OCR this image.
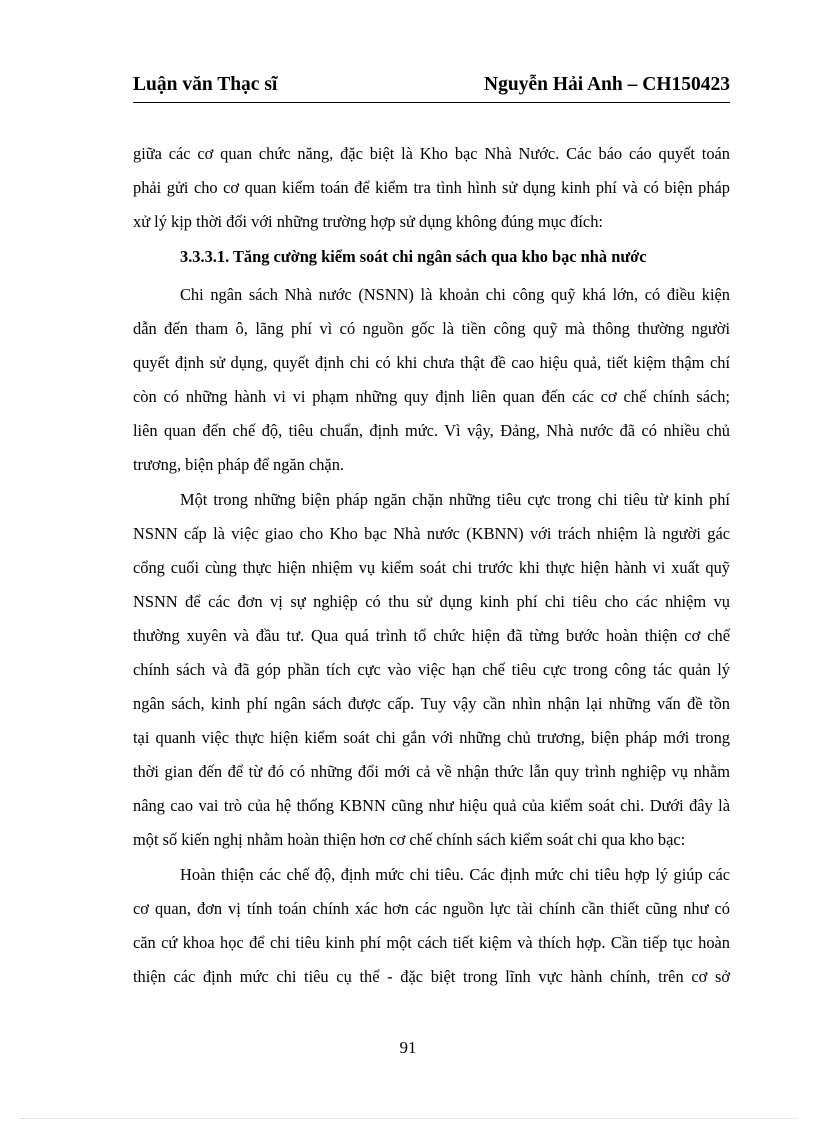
Luận văn Thạc sĩ	Nguyễn Hải Anh – CH150423
giữa các cơ quan chức năng, đặc biệt là Kho bạc Nhà Nước. Các báo cáo quyết toán
phải gửi cho cơ quan kiểm toán để kiểm tra tình hình sử dụng kinh phí và có biện pháp
xử lý kịp thời đối với những trường hợp sử dụng không đúng mục đích:
3.3.3.1. Tăng cường kiểm soát chi ngân sách qua kho bạc nhà nước
Chi ngân sách Nhà nước (NSNN) là khoản chi công quỹ khá lớn, có điều kiện
dẫn đến tham ô, lãng phí vì có nguồn gốc là tiền công quỹ mà thông thường người
quyết định sử dụng, quyết định chi có khi chưa thật đề cao hiệu quả, tiết kiệm thậm chí
còn có những hành vi vi phạm những quy định liên quan đến các cơ chế chính sách;
liên quan đến chế độ, tiêu chuẩn, định mức. Vì vậy, Đảng, Nhà nước đã có nhiều chủ
trương, biện pháp để ngăn chặn.
Một trong những biện pháp ngăn chặn những tiêu cực trong chi tiêu từ kinh phí
NSNN cấp là việc giao cho Kho bạc Nhà nước (KBNN) với trách nhiệm là người gác
cổng cuối cùng thực hiện nhiệm vụ kiểm soát chi trước khi thực hiện hành vi xuất quỹ
NSNN để các đơn vị sự nghiệp có thu sử dụng kinh phí chi tiêu cho các nhiệm vụ
thường xuyên và đầu tư. Qua quá trình tổ chức hiện đã từng bước hoàn thiện cơ chế
chính sách và đã góp phần tích cực vào việc hạn chế tiêu cực trong công tác quản lý
ngân sách, kinh phí ngân sách được cấp. Tuy vậy cần nhìn nhận lại những vấn đề tồn
tại quanh việc thực hiện kiểm soát chi gắn với những chủ trương, biện pháp mới trong
thời gian đến để từ đó có những đổi mới cả về nhận thức lẫn quy trình nghiệp vụ nhằm
nâng cao vai trò của hệ thống KBNN cũng như hiệu quả của kiểm soát chi. Dưới đây là
một số kiến nghị nhằm hoàn thiện hơn cơ chế chính sách kiểm soát chi qua kho bạc:
Hoàn thiện các chế độ, định mức chi tiêu. Các định mức chi tiêu hợp lý giúp các
cơ quan, đơn vị tính toán chính xác hơn các nguồn lực tài chính cần thiết cũng như có
căn cứ khoa học để chi tiêu kinh phí một cách tiết kiệm và thích hợp. Cần tiếp tục hoàn
thiện các định mức chi tiêu cụ thể - đặc biệt trong lĩnh vực hành chính, trên cơ sở
91
